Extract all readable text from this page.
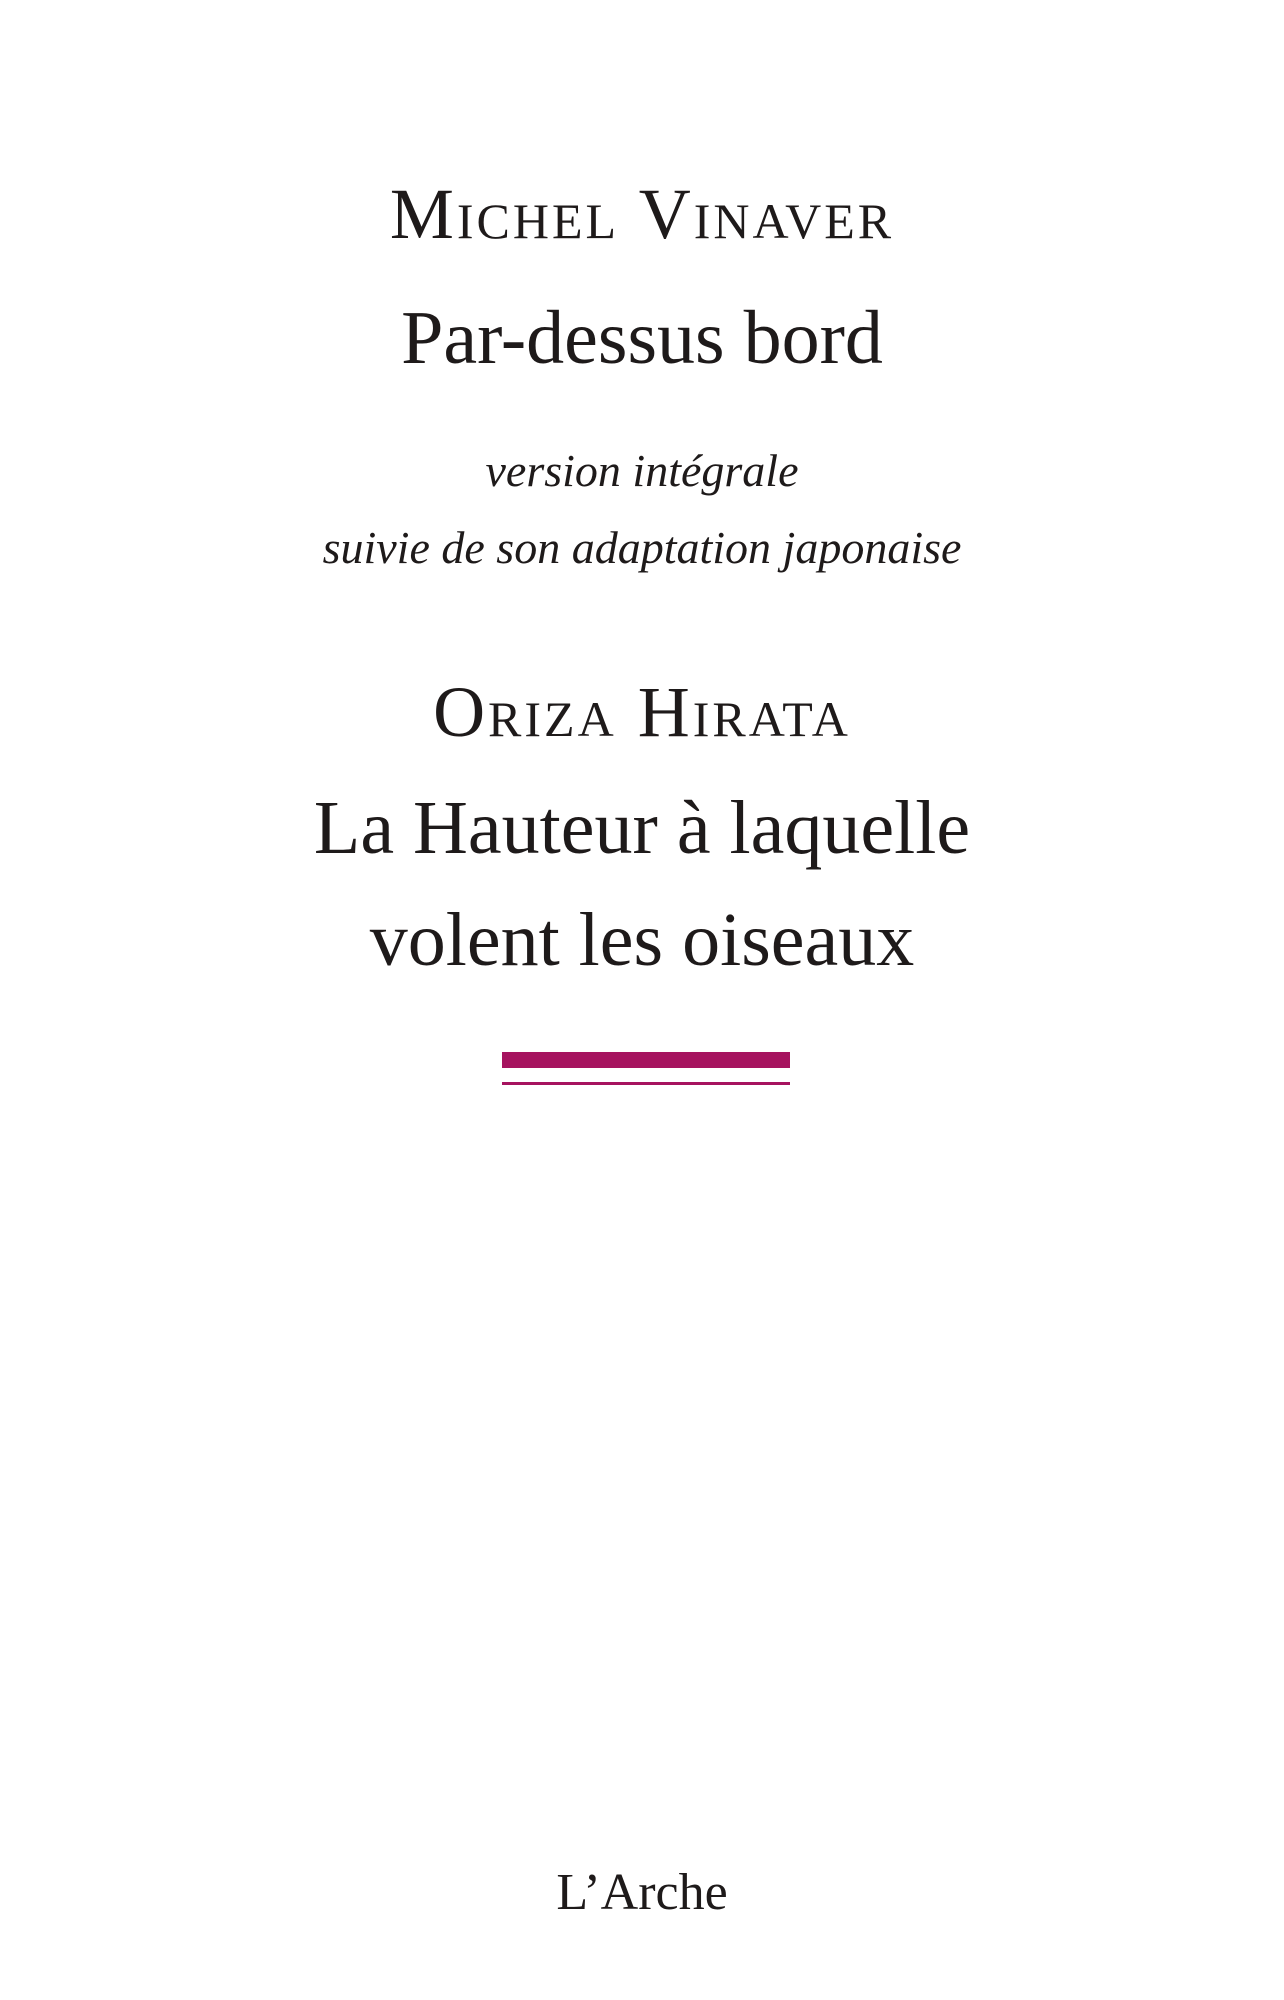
Michel Vinaver
Par-dessus bord
version intégrale
suivie de son adaptation japonaise
Oriza Hirata
La Hauteur à laquelle
volent les oiseaux
L’Arche
